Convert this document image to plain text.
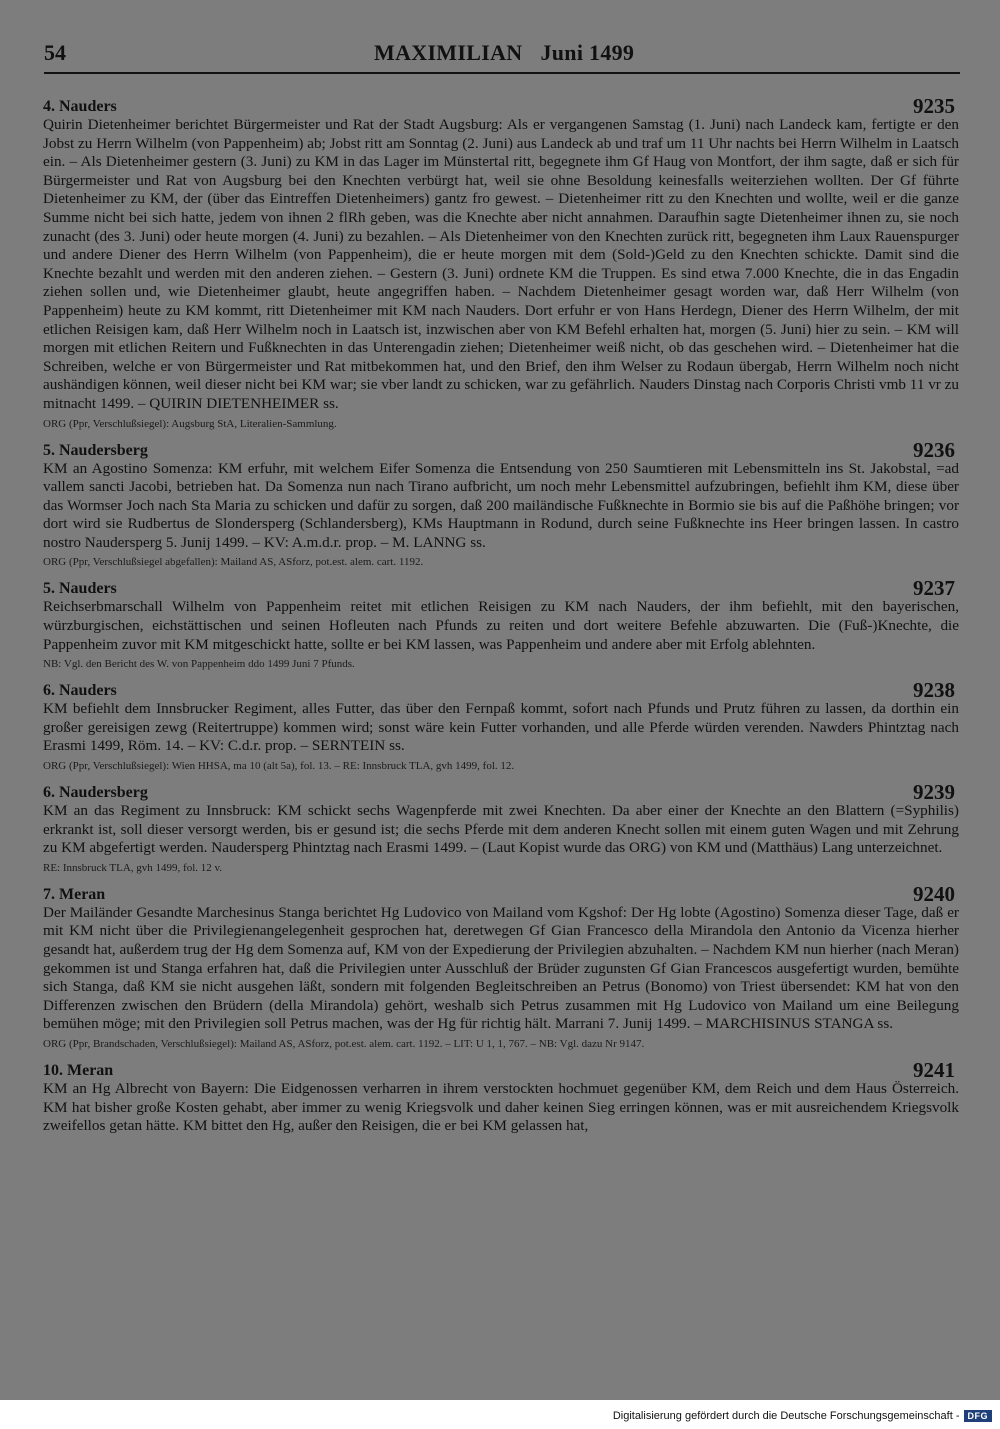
54	MAXIMILIAN Juni 1499
4. Nauders	9235

Quirin Dietenheimer berichtet Bürgermeister und Rat der Stadt Augsburg: Als er vergangenen Samstag (1. Juni) nach Landeck kam, fertigte er den Jobst zu Herrn Wilhelm (von Pappenheim) ab; Jobst ritt am Sonntag (2. Juni) aus Landeck ab und traf um 11 Uhr nachts bei Herrn Wilhelm in Laatsch ein. – Als Dietenheimer gestern (3. Juni) zu KM in das Lager im Münstertal ritt, begegnete ihm Gf Haug von Montfort, der ihm sagte, daß er sich für Bürgermeister und Rat von Augsburg bei den Knechten verbürgt hat, weil sie ohne Besoldung keinesfalls weiterziehen wollten. Der Gf führte Dietenheimer zu KM, der (über das Eintreffen Dietenheimers) gantz fro gewest. – Dietenheimer ritt zu den Knechten und wollte, weil er die ganze Summe nicht bei sich hatte, jedem von ihnen 2 flRh geben, was die Knechte aber nicht annahmen. Daraufhin sagte Dietenheimer ihnen zu, sie noch zunacht (des 3. Juni) oder heute morgen (4. Juni) zu bezahlen. – Als Dietenheimer von den Knechten zurück ritt, begegneten ihm Laux Rauenspurger und andere Diener des Herrn Wilhelm (von Pappenheim), die er heute morgen mit dem (Sold-)Geld zu den Knechten schickte. Damit sind die Knechte bezahlt und werden mit den anderen ziehen. – Gestern (3. Juni) ordnete KM die Truppen. Es sind etwa 7.000 Knechte, die in das Engadin ziehen sollen und, wie Dietenheimer glaubt, heute angegriffen haben. – Nachdem Dietenheimer gesagt worden war, daß Herr Wilhelm (von Pappenheim) heute zu KM kommt, ritt Dietenheimer mit KM nach Nauders. Dort erfuhr er von Hans Herdegn, Diener des Herrn Wilhelm, der mit etlichen Reisigen kam, daß Herr Wilhelm noch in Laatsch ist, inzwischen aber von KM Befehl erhalten hat, morgen (5. Juni) hier zu sein. – KM will morgen mit etlichen Reitern und Fußknechten in das Unterengadin ziehen; Dietenheimer weiß nicht, ob das geschehen wird. – Dietenheimer hat die Schreiben, welche er von Bürgermeister und Rat mitbekommen hat, und den Brief, den ihm Welser zu Rodaun übergab, Herrn Wilhelm noch nicht aushändigen können, weil dieser nicht bei KM war; sie vber landt zu schicken, war zu gefährlich. Nauders Dinstag nach Corporis Christi vmb 11 vr zu mitnacht 1499. – QUIRIN DIETENHEIMER ss.

ORG (Ppr, Verschlußsiegel): Augsburg StA, Literalien-Sammlung.

5. Naudersberg	9236

KM an Agostino Somenza: KM erfuhr, mit welchem Eifer Somenza die Entsendung von 250 Saumtieren mit Lebensmitteln ins St. Jakobstal, =ad vallem sancti Jacobi, betrieben hat. Da Somenza nun nach Tirano aufbricht, um noch mehr Lebensmittel aufzubringen, befiehlt ihm KM, diese über das Wormser Joch nach Sta Maria zu schicken und dafür zu sorgen, daß 200 mailändische Fußknechte in Bormio sie bis auf die Paßhöhe bringen; vor dort wird sie Rudbertus de Slondersperg (Schlandersberg), KMs Hauptmann in Rodund, durch seine Fußknechte ins Heer bringen lassen. In castro nostro Naudersperg 5. Junij 1499. – KV: A.m.d.r. prop. – M. LANNG ss.

ORG (Ppr, Verschlußsiegel abgefallen): Mailand AS, ASforz, pot.est. alem. cart. 1192.

5. Nauders	9237

Reichserbmarschall Wilhelm von Pappenheim reitet mit etlichen Reisigen zu KM nach Nauders, der ihm befiehlt, mit den bayerischen, würzburgischen, eichstättischen und seinen Hofleuten nach Pfunds zu reiten und dort weitere Befehle abzuwarten. Die (Fuß-)Knechte, die Pappenheim zuvor mit KM mitgeschickt hatte, sollte er bei KM lassen, was Pappenheim und andere aber mit Erfolg ablehnten.

NB: Vgl. den Bericht des W. von Pappenheim ddo 1499 Juni 7 Pfunds.

6. Nauders	9238

KM befiehlt dem Innsbrucker Regiment, alles Futter, das über den Fernpaß kommt, sofort nach Pfunds und Prutz führen zu lassen, da dorthin ein großer gereisigen zewg (Reitertruppe) kommen wird; sonst wäre kein Futter vorhanden, und alle Pferde würden verenden. Nawders Phintztag nach Erasmi 1499, Röm. 14. – KV: C.d.r. prop. – SERNTEIN ss.

ORG (Ppr, Verschlußsiegel): Wien HHSA, ma 10 (alt 5a), fol. 13. – RE: Innsbruck TLA, gvh 1499, fol. 12.

6. Naudersberg	9239

KM an das Regiment zu Innsbruck: KM schickt sechs Wagenpferde mit zwei Knechten. Da aber einer der Knechte an den Blattern (=Syphilis) erkrankt ist, soll dieser versorgt werden, bis er gesund ist; die sechs Pferde mit dem anderen Knecht sollen mit einem guten Wagen und mit Zehrung zu KM abgefertigt werden. Naudersperg Phintztag nach Erasmi 1499. – (Laut Kopist wurde das ORG) von KM und (Matthäus) Lang unterzeichnet.

RE: Innsbruck TLA, gvh 1499, fol. 12 v.

7. Meran	9240

Der Mailänder Gesandte Marchesinus Stanga berichtet Hg Ludovico von Mailand vom Kgshof: Der Hg lobte (Agostino) Somenza dieser Tage, daß er mit KM nicht über die Privilegienangelegenheit gesprochen hat, deretwegen Gf Gian Francesco della Mirandola den Antonio da Vicenza hierher gesandt hat, außerdem trug der Hg dem Somenza auf, KM von der Expedierung der Privilegien abzuhalten. – Nachdem KM nun hierher (nach Meran) gekommen ist und Stanga erfahren hat, daß die Privilegien unter Ausschluß der Brüder zugunsten Gf Gian Francescos ausgefertigt wurden, bemühte sich Stanga, daß KM sie nicht ausgehen läßt, sondern mit folgenden Begleitschreiben an Petrus (Bonomo) von Triest übersendet: KM hat von den Differenzen zwischen den Brüdern (della Mirandola) gehört, weshalb sich Petrus zusammen mit Hg Ludovico von Mailand um eine Beilegung bemühen möge; mit den Privilegien soll Petrus machen, was der Hg für richtig hält. Marrani 7. Junij 1499. – MARCHISINUS STANGA ss.

ORG (Ppr, Brandschaden, Verschlußsiegel): Mailand AS, ASforz, pot.est. alem. cart. 1192. – LIT: U 1, 1, 767. – NB: Vgl. dazu Nr 9147.

10. Meran	9241

KM an Hg Albrecht von Bayern: Die Eidgenossen verharren in ihrem verstockten hochmuet gegenüber KM, dem Reich und dem Haus Österreich. KM hat bisher große Kosten gehabt, aber immer zu wenig Kriegsvolk und daher keinen Sieg erringen können, was er mit ausreichendem Kriegsvolk zweifellos getan hätte. KM bittet den Hg, außer den Reisigen, die er bei KM gelassen hat,

Digitalisierung gefördert durch die Deutsche Forschungsgemeinschaft - DFG
